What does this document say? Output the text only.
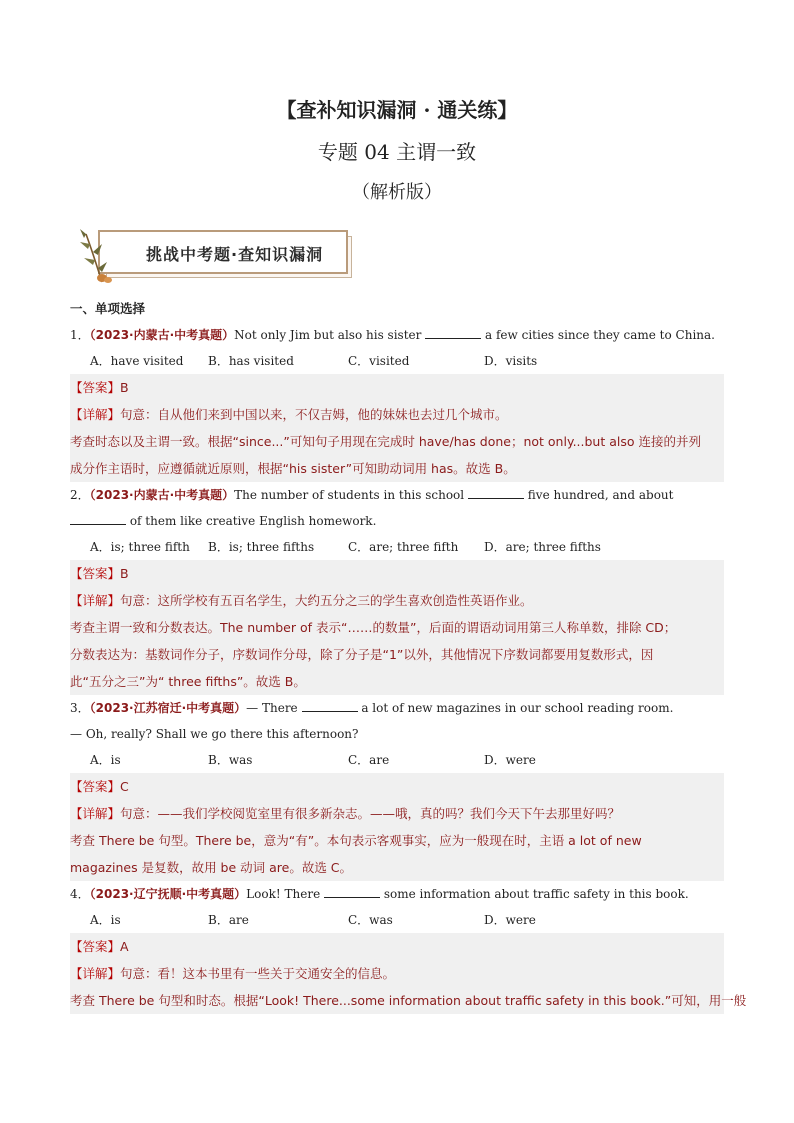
【查补知识漏洞 · 通关练】
专题 04 主谓一致
（解析版）
挑战中考题·查知识漏洞
一、单项选择
1．（2023·内蒙古·中考真题）Not only Jim but also his sister	a few cities since they came to China.
A．have visited B．has visited	C．visited	D．visits

【答案】B

【详解】句意：自从他们来到中国以来，不仅吉姆，他的妹妹也去过几个城市。

考查时态以及主谓一致。根据“since...”可知句子用现在完成时 have/has done；not only...but also 连接的并列

成分作主语时，应遵循就近原则，根据“his sister”可知助动词用 has。故选 B。

2．（2023·内蒙古·中考真题）The number of students in this school	five hundred, and about
of them like creative English homework.
A．is; three fifth B．is; three fifths	C．are; three fifth D．are; three fifths

【答案】B

【详解】句意：这所学校有五百名学生，大约五分之三的学生喜欢创造性英语作业。

考查主谓一致和分数表达。The number of 表示“……的数量”，后面的谓语动词用第三人称单数，排除 CD；

分数表达为：基数词作分子，序数词作分母，除了分子是“1”以外，其他情况下序数词都要用复数形式，因

此“五分之三”为“ three fifths”。故选 B。

3．（2023·江苏宿迁·中考真题）— There	a lot of new magazines in our school reading room.
— Oh, really? Shall we go there this afternoon?
A．is	B．was	C．are	D．were

【答案】C

【详解】句意：——我们学校阅览室里有很多新杂志。——哦，真的吗？我们今天下午去那里好吗？

考查 There be 句型。There be，意为“有”。本句表示客观事实，应为一般现在时，主语 a lot of new

magazines 是复数，故用 be 动词 are。故选 C。

4．（2023·辽宁抚顺·中考真题）Look! There	some information about traffic safety in this book.
A．is	B．are	C．was	D．were

【答案】A

【详解】句意：看！这本书里有一些关于交通安全的信息。

考查 There be 句型和时态。根据“Look! There...some information about traffic safety in this book.”可知，用一般
